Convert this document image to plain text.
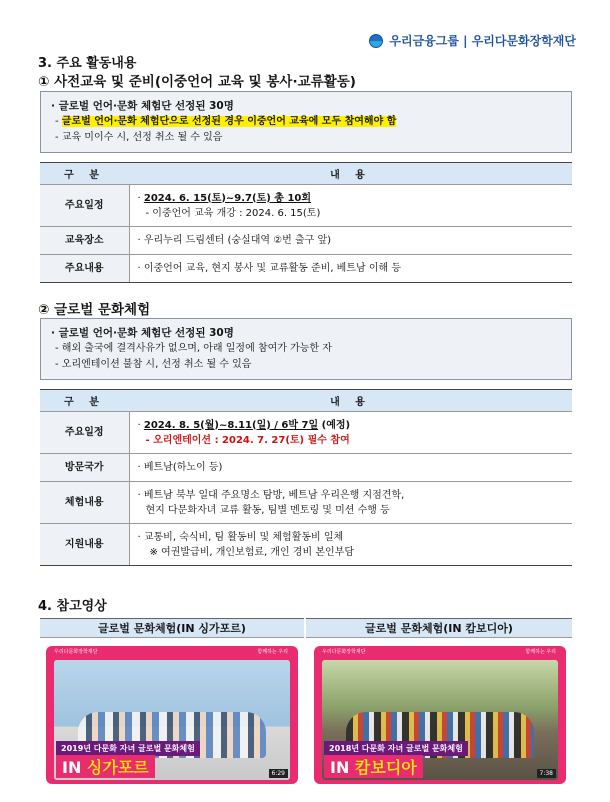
우리금융그룹 | 우리다문화장학재단
3. 주요 활동내용
① 사전교육 및 준비(이중언어 교육 및 봉사·교류활동)
· 글로벌 언어·문화 체험단 선정된 30명
- 글로벌 언어·문화 체험단으로 선정된 경우 이중언어 교육에 모두 참여해야 함
- 교육 미이수 시, 선정 취소 될 수 있음
구 분	내 용
주요일정	· 2024. 6. 15(토)~9.7(토) 총 10회
- 이중언어 교육 개강 : 2024. 6. 15(토)

교육장소	· 우리누리 드림센터 (숭실대역 ②번 출구 앞)
주요내용	· 이중언어 교육, 현지 봉사 및 교류활동 준비, 베트남 이해 등
② 글로벌 문화체험
· 글로벌 언어·문화 체험단 선정된 30명
- 해외 출국에 결격사유가 없으며, 아래 일정에 참여가 가능한 자
- 오리엔테이션 불참 시, 선정 취소 될 수 있음
구 분	내 용
주요일정	· 2024. 8. 5(월)~8.11(일) / 6박 7일 (예정)
- 오리엔테이션 : 2024. 7. 27(토) 필수 참여

방문국가	· 베트남(하노이 등)
체험내용	· 베트남 북부 일대 주요명소 탐방, 베트남 우리은행 지점견학,
현지 다문화자녀 교류 활동, 팀별 멘토링 및 미션 수행 등

지원내용	· 교통비, 숙식비, 팀 활동비 및 체험활동비 일체
※ 여권발급비, 개인보험료, 개인 경비 본인부담
4. 참고영상
글로벌 문화체험(IN 싱가포르)	글로벌 문화체험(IN 캄보디아)
우리다문화장학재단	함께하는 우리
2019년 다문화 자녀 글로벌 문화체험
IN 싱가포르	6:29
우리다문화장학재단	함께하는 우리
2018년 다문화 자녀 글로벌 문화체험
IN 캄보디아	7:38
